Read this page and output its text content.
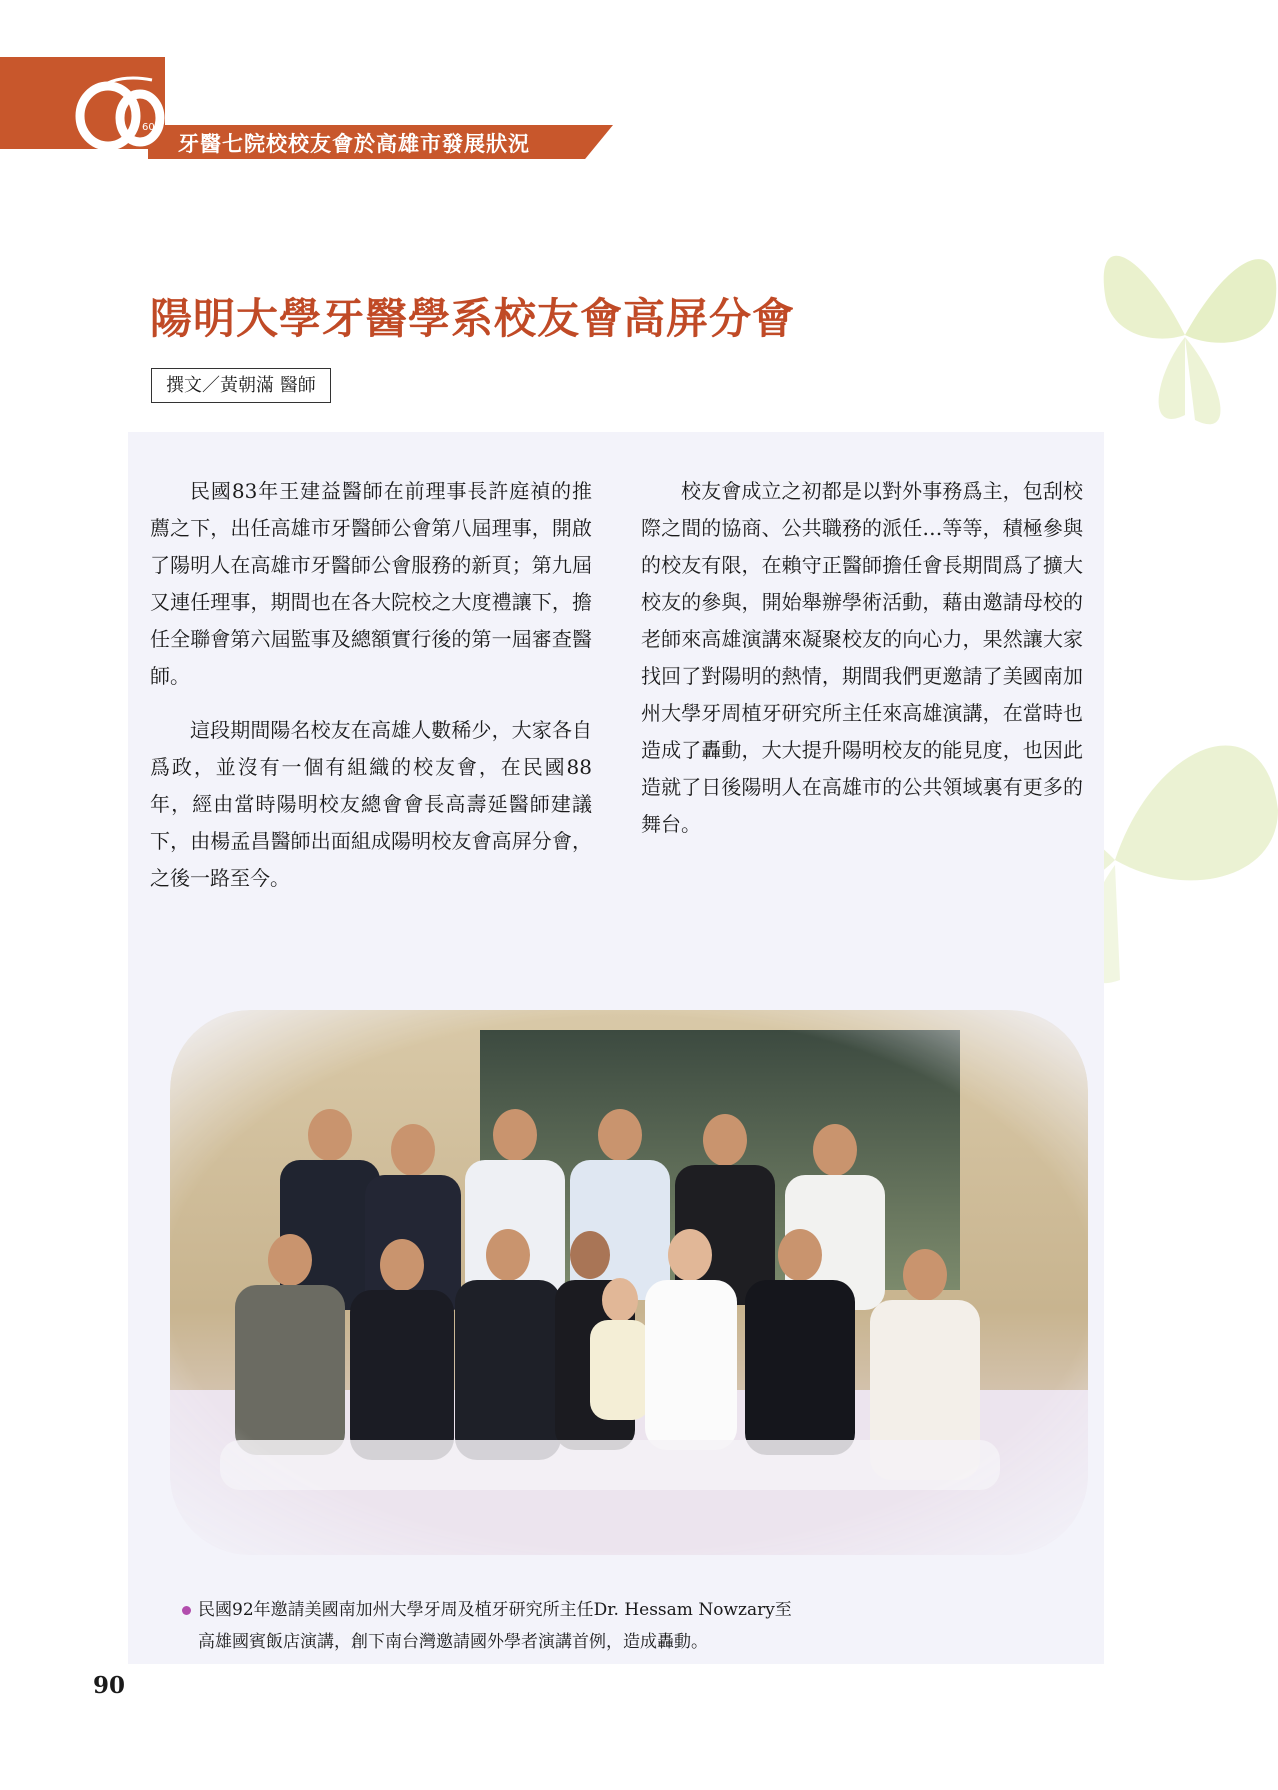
60
牙醫七院校校友會於高雄市發展狀況
陽明大學牙醫學系校友會高屏分會
撰文／黃朝滿 醫師

民國83年王建益醫師在前理事長許庭禎的推薦之下，出任高雄市牙醫師公會第八屆理事，開啟了陽明人在高雄市牙醫師公會服務的新頁；第九屆又連任理事，期間也在各大院校之大度禮讓下，擔任全聯會第六屆監事及總額實行後的第一屆審查醫師。

這段期間陽名校友在高雄人數稀少，大家各自爲政，並沒有一個有組織的校友會，在民國88年，經由當時陽明校友總會會長高壽延醫師建議下，由楊孟昌醫師出面組成陽明校友會高屏分會，之後一路至今。

校友會成立之初都是以對外事務爲主，包刮校際之間的協商、公共職務的派任…等等，積極參與的校友有限，在賴守正醫師擔任會長期間爲了擴大校友的參與，開始舉辦學術活動，藉由邀請母校的老師來高雄演講來凝聚校友的向心力，果然讓大家找回了對陽明的熱情，期間我們更邀請了美國南加州大學牙周植牙研究所主任來高雄演講，在當時也造成了轟動，大大提升陽明校友的能見度，也因此造就了日後陽明人在高雄市的公共領域裏有更多的舞台。

民國92年邀請美國南加州大學牙周及植牙研究所主任Dr. Hessam Nowzary至
高雄國賓飯店演講，創下南台灣邀請國外學者演講首例，造成轟動。
90
